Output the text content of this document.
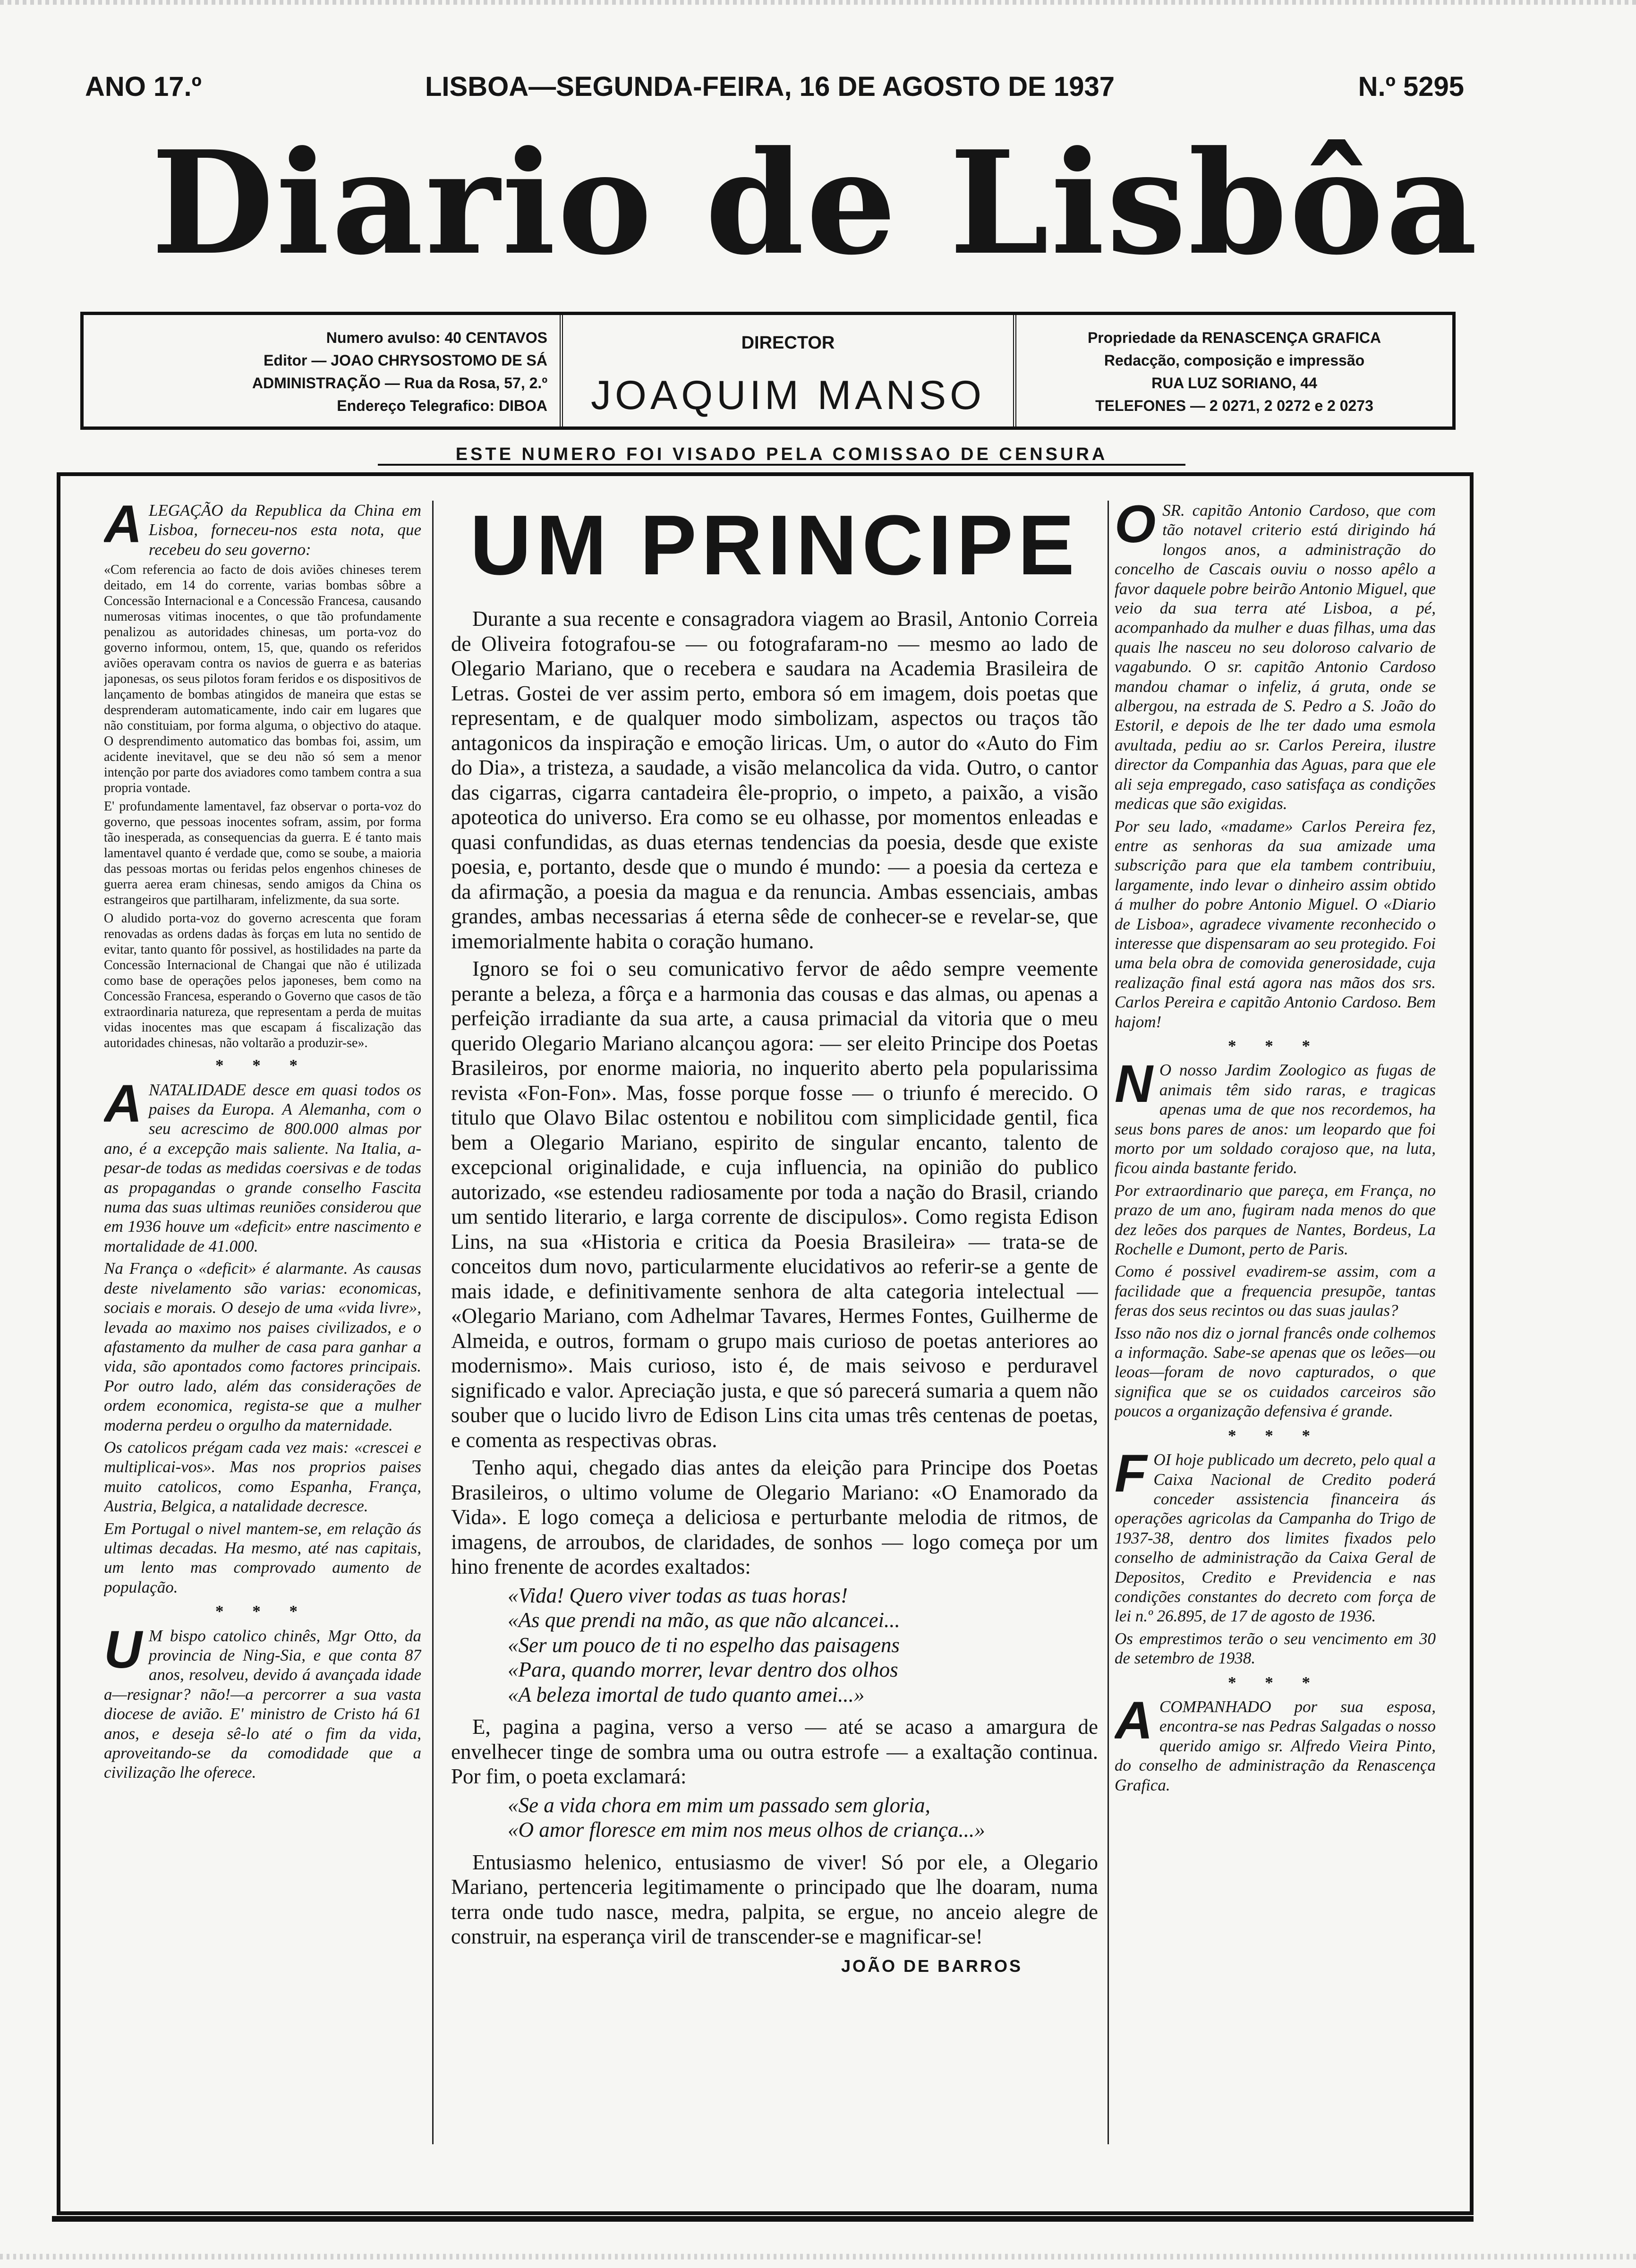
ANO 17.º	LISBOA—SEGUNDA-FEIRA, 16 DE AGOSTO DE 1937	N.º 5295
Diario de Lisbôa
Numero avulso: 40 CENTAVOS
Editor — JOAO CHRYSOSTOMO DE SÁ
ADMINISTRAÇÃO — Rua da Rosa, 57, 2.º
Endereço Telegrafico: DIBOA
DIRECTOR
JOAQUIM MANSO
Propriedade da RENASCENÇA GRAFICA
Redacção, composição e impressão
RUA LUZ SORIANO, 44
TELEFONES — 2 0271, 2 0272 e 2 0273
ESTE NUMERO FOI VISADO PELA COMISSAO DE CENSURA

ALEGAÇÃO da Republica da China em Lisboa, forneceu-nos esta nota, que recebeu do seu governo:

«Com referencia ao facto de dois aviões chineses terem deitado, em 14 do corrente, varias bombas sôbre a Concessão Internacional e a Concessão Francesa, causando numerosas vitimas inocentes, o que tão profundamente penalizou as autoridades chinesas, um porta-voz do governo informou, ontem, 15, que, quando os referidos aviões operavam contra os navios de guerra e as baterias japonesas, os seus pilotos foram feridos e os dispositivos de lançamento de bombas atingidos de maneira que estas se desprenderam automaticamente, indo cair em lugares que não constituiam, por forma alguma, o objectivo do ataque. O desprendimento automatico das bombas foi, assim, um acidente inevitavel, que se deu não só sem a menor intenção por parte dos aviadores como tambem contra a sua propria vontade.

E' profundamente lamentavel, faz observar o porta-voz do governo, que pessoas inocentes sofram, assim, por forma tão inesperada, as consequencias da guerra. E é tanto mais lamentavel quanto é verdade que, como se soube, a maioria das pessoas mortas ou feridas pelos engenhos chineses de guerra aerea eram chinesas, sendo amigos da China os estrangeiros que partilharam, infelizmente, da sua sorte.

O aludido porta-voz do governo acrescenta que foram renovadas as ordens dadas às forças em luta no sentido de evitar, tanto quanto fôr possivel, as hostilidades na parte da Concessão Internacional de Changai que não é utilizada como base de operações pelos japoneses, bem como na Concessão Francesa, esperando o Governo que casos de tão extraordinaria natureza, que representam a perda de muitas vidas inocentes mas que escapam á fiscalização das autoridades chinesas, não voltarão a produzir-se».

* * *

ANATALIDADE desce em quasi todos os paises da Europa. A Alemanha, com o seu acrescimo de 800.000 almas por ano, é a excepção mais saliente. Na Italia, a-pesar-de todas as medidas coersivas e de todas as propagandas o grande conselho Fascita numa das suas ultimas reuniões considerou que em 1936 houve um «deficit» entre nascimento e mortalidade de 41.000.

Na França o «deficit» é alarmante. As causas deste nivelamento são varias: economicas, sociais e morais. O desejo de uma «vida livre», levada ao maximo nos paises civilizados, e o afastamento da mulher de casa para ganhar a vida, são apontados como factores principais. Por outro lado, além das considerações de ordem economica, regista-se que a mulher moderna perdeu o orgulho da maternidade.

Os catolicos prégam cada vez mais: «crescei e multiplicai-vos». Mas nos proprios paises muito catolicos, como Espanha, França, Austria, Belgica, a natalidade decresce.

Em Portugal o nivel mantem-se, em relação ás ultimas decadas. Ha mesmo, até nas capitais, um lento mas comprovado aumento de população.

* * *

U M bispo catolico chinês, Mgr Otto, da provincia de Ning-Sia, e que conta 87 anos, resolveu, devido á avançada idade a—resignar? não!—a percorrer a sua vasta diocese de avião. E' ministro de Cristo há 61 anos, e deseja sê-lo até o fim da vida, aproveitando-se da comodidade que a civilização lhe oferece.

UM PRINCIPE

Durante a sua recente e consagradora viagem ao Brasil, Antonio Correia de Oliveira fotografou-se — ou fotografaram-no — mesmo ao lado de Olegario Mariano, que o recebera e saudara na Academia Brasileira de Letras. Gostei de ver assim perto, embora só em imagem, dois poetas que representam, e de qualquer modo simbolizam, aspectos ou traços tão antagonicos da inspiração e emoção liricas. Um, o autor do «Auto do Fim do Dia», a tristeza, a saudade, a visão melancolica da vida. Outro, o cantor das cigarras, cigarra cantadeira êle-proprio, o impeto, a paixão, a visão apoteotica do universo. Era como se eu olhasse, por momentos enleadas e quasi confundidas, as duas eternas tendencias da poesia, desde que existe poesia, e, portanto, desde que o mundo é mundo: — a poesia da certeza e da afirmação, a poesia da magua e da renuncia. Ambas essenciais, ambas grandes, ambas necessarias á eterna sêde de conhecer-se e revelar-se, que imemorialmente habita o coração humano.

Ignoro se foi o seu comunicativo fervor de aêdo sempre veemente perante a beleza, a fôrça e a harmonia das cousas e das almas, ou apenas a perfeição irradiante da sua arte, a causa primacial da vitoria que o meu querido Olegario Mariano alcançou agora: — ser eleito Principe dos Poetas Brasileiros, por enorme maioria, no inquerito aberto pela popularissima revista «Fon-Fon». Mas, fosse porque fosse — o triunfo é merecido. O titulo que Olavo Bilac ostentou e nobilitou com simplicidade gentil, fica bem a Olegario Mariano, espirito de singular encanto, talento de excepcional originalidade, e cuja influencia, na opinião do publico autorizado, «se estendeu radiosamente por toda a nação do Brasil, criando um sentido literario, e larga corrente de discipulos». Como regista Edison Lins, na sua «Historia e critica da Poesia Brasileira» — trata-se de conceitos dum novo, particularmente elucidativos ao referir-se a gente de mais idade, e definitivamente senhora de alta categoria intelectual — «Olegario Mariano, com Adhelmar Tavares, Hermes Fontes, Guilherme de Almeida, e outros, formam o grupo mais curioso de poetas anteriores ao modernismo». Mais curioso, isto é, de mais seivoso e perduravel significado e valor. Apreciação justa, e que só parecerá sumaria a quem não souber que o lucido livro de Edison Lins cita umas três centenas de poetas, e comenta as respectivas obras.

Tenho aqui, chegado dias antes da eleição para Principe dos Poetas Brasileiros, o ultimo volume de Olegario Mariano: «O Enamorado da Vida». E logo começa a deliciosa e perturbante melodia de ritmos, de imagens, de arroubos, de claridades, de sonhos — logo começa por um hino frenente de acordes exaltados:

«Vida! Quero viver todas as tuas horas!
«As que prendi na mão, as que não alcancei...
«Ser um pouco de ti no espelho das paisagens
«Para, quando morrer, levar dentro dos olhos
«A beleza imortal de tudo quanto amei...»

E, pagina a pagina, verso a verso — até se acaso a amargura de envelhecer tinge de sombra uma ou outra estrofe — a exaltação continua. Por fim, o poeta exclamará:

«Se a vida chora em mim um passado sem gloria,
«O amor floresce em mim nos meus olhos de criança...»

Entusiasmo helenico, entusiasmo de viver! Só por ele, a Olegario Mariano, pertenceria legitimamente o principado que lhe doaram, numa terra onde tudo nasce, medra, palpita, se ergue, no anceio alegre de construir, na esperança viril de transcender-se e magnificar-se!

JOÃO DE BARROS

OSR. capitão Antonio Cardoso, que com tão notavel criterio está dirigindo há longos anos, a administração do concelho de Cascais ouviu o nosso apêlo a favor daquele pobre beirão Antonio Miguel, que veio da sua terra até Lisboa, a pé, acompanhado da mulher e duas filhas, uma das quais lhe nasceu no seu doloroso calvario de vagabundo. O sr. capitão Antonio Cardoso mandou chamar o infeliz, á gruta, onde se albergou, na estrada de S. Pedro a S. João do Estoril, e depois de lhe ter dado uma esmola avultada, pediu ao sr. Carlos Pereira, ilustre director da Companhia das Aguas, para que ele ali seja empregado, caso satisfaça as condições medicas que são exigidas.

Por seu lado, «madame» Carlos Pereira fez, entre as senhoras da sua amizade uma subscrição para que ela tambem contribuiu, largamente, indo levar o dinheiro assim obtido á mulher do pobre Antonio Miguel. O «Diario de Lisboa», agradece vivamente reconhecido o interesse que dispensaram ao seu protegido. Foi uma bela obra de comovida generosidade, cuja realização final está agora nas mãos dos srs. Carlos Pereira e capitão Antonio Cardoso. Bem hajom!

* * *

N O nosso Jardim Zoologico as fugas de animais têm sido raras, e tragicas apenas uma de que nos recordemos, ha seus bons pares de anos: um leopardo que foi morto por um soldado corajoso que, na luta, ficou ainda bastante ferido.

Por extraordinario que pareça, em França, no prazo de um ano, fugiram nada menos do que dez leões dos parques de Nantes, Bordeus, La Rochelle e Dumont, perto de Paris.

Como é possivel evadirem-se assim, com a facilidade que a frequencia presupõe, tantas feras dos seus recintos ou das suas jaulas?

Isso não nos diz o jornal francês onde colhemos a informação. Sabe-se apenas que os leões—ou leoas—foram de novo capturados, o que significa que se os cuidados carceiros são poucos a organização defensiva é grande.

* * *

FOI hoje publicado um decreto, pelo qual a Caixa Nacional de Credito poderá conceder assistencia financeira ás operações agricolas da Campanha do Trigo de 1937-38, dentro dos limites fixados pelo conselho de administração da Caixa Geral de Depositos, Credito e Previdencia e nas condições constantes do decreto com força de lei n.º 26.895, de 17 de agosto de 1936.

Os emprestimos terão o seu vencimento em 30 de setembro de 1938.

* * *

ACOMPANHADO por sua esposa, encontra-se nas Pedras Salgadas o nosso querido amigo sr. Alfredo Vieira Pinto, do conselho de administração da Renascença Grafica.
